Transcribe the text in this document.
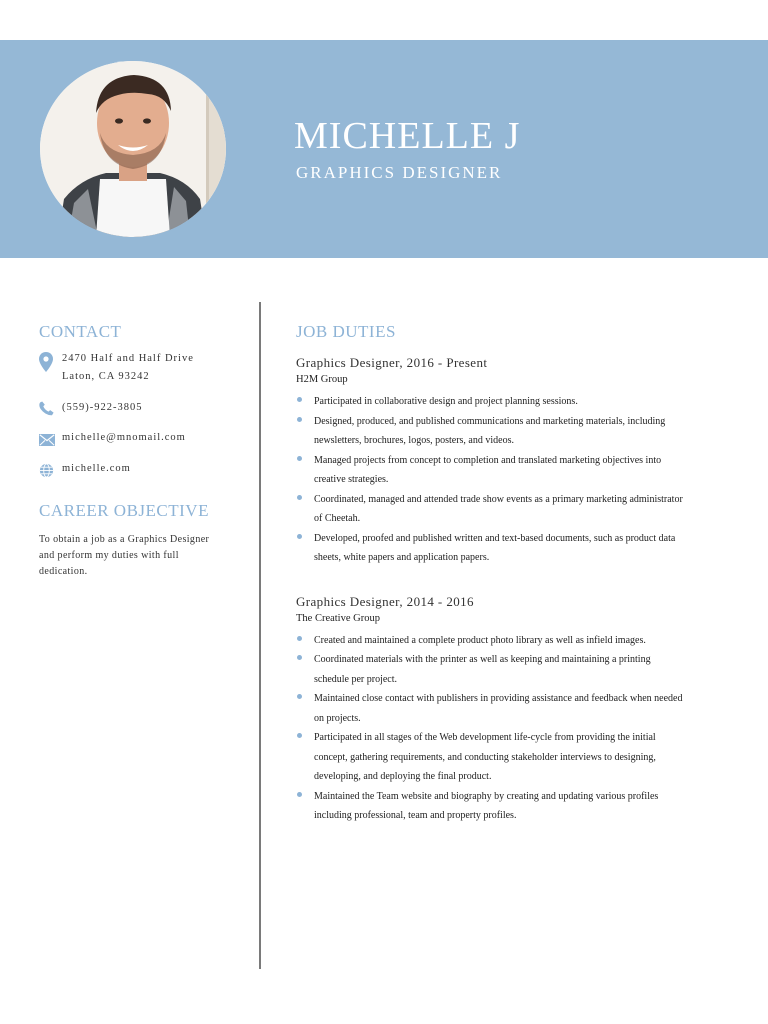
MICHELLE J
GRAPHICS DESIGNER
CONTACT
2470 Half and Half Drive
Laton, CA 93242
(559)-922-3805
michelle@mnomail.com
michelle.com
CAREER OBJECTIVE

To obtain a job as a Graphics Designer and perform my duties with full dedication.

JOB DUTIES
Graphics Designer, 2016 - Present
H2M Group
Participated in collaborative design and project planning sessions.
Designed, produced, and published communications and marketing materials, including newsletters, brochures, logos, posters, and videos.
Managed projects from concept to completion and translated marketing objectives into creative strategies.
Coordinated, managed and attended trade show events as a primary marketing administrator of Cheetah.
Developed, proofed and published written and text-based documents, such as product data sheets, white papers and application papers.
Graphics Designer, 2014 - 2016
The Creative Group
Created and maintained a complete product photo library as well as infield images.
Coordinated materials with the printer as well as keeping and maintaining a printing schedule per project.
Maintained close contact with publishers in providing assistance and feedback when needed on projects.
Participated in all stages of the Web development life-cycle from providing the initial concept, gathering requirements, and conducting stakeholder interviews to designing, developing, and deploying the final product.
Maintained the Team website and biography by creating and updating various profiles including professional, team and property profiles.
